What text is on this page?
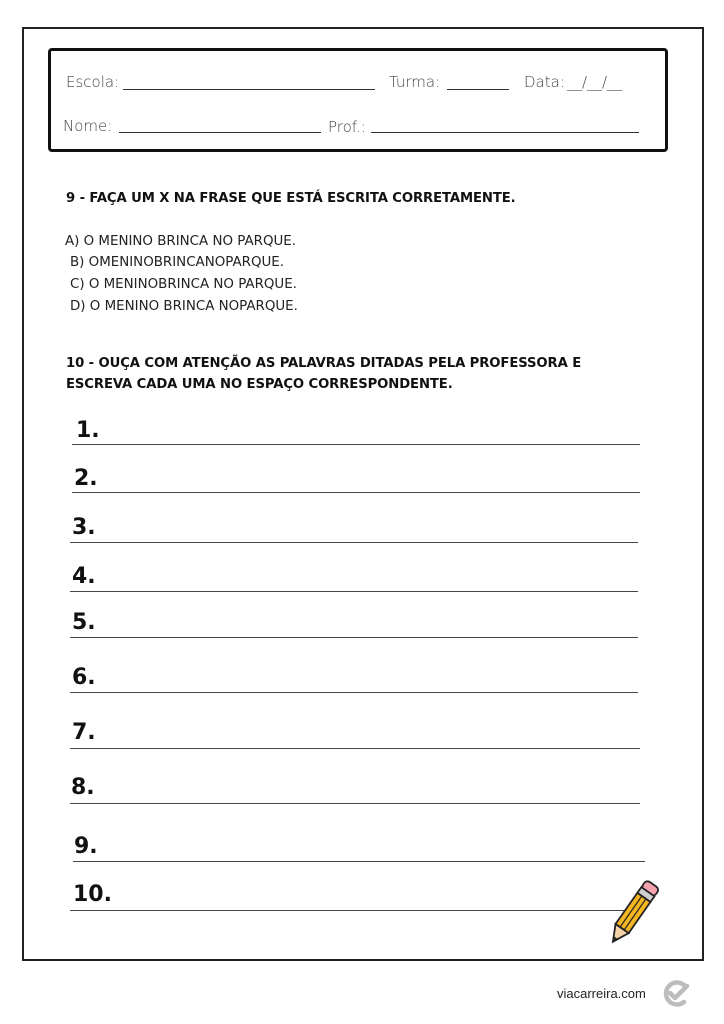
Escola:	Turma:	Data: __/__/__
Nome:	Prof.:
9 - FAÇA UM X NA FRASE QUE ESTÁ ESCRITA CORRETAMENTE.
A) O MENINO BRINCA NO PARQUE.
B) OMENINOBRINCANOPARQUE.
C) O MENINOBRINCA NO PARQUE.
D) O MENINO BRINCA NOPARQUE.
10 - OUÇA COM ATENÇÃO AS PALAVRAS DITADAS PELA PROFESSORA E
ESCREVA CADA UMA NO ESPAÇO CORRESPONDENTE.
1.
2.
3.
4.
5.
6.
7.
8.
9.
10.
viacarreira.com
